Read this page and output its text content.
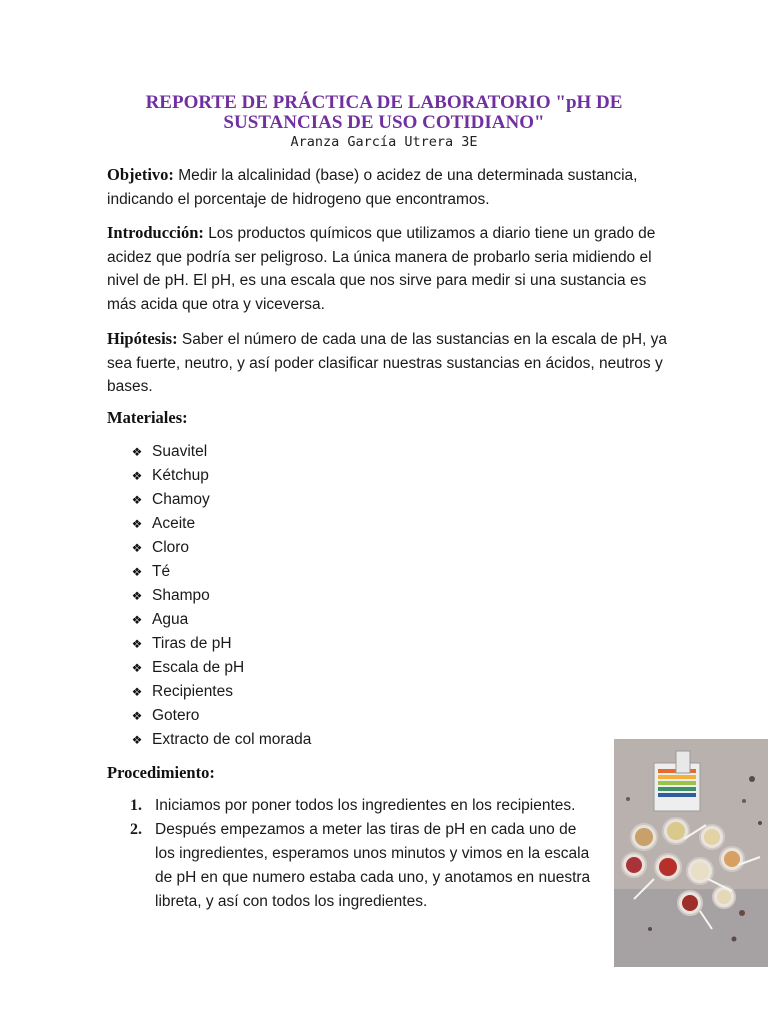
REPORTE DE PRÁCTICA DE LABORATORIO "pH DE
SUSTANCIAS DE USO COTIDIANO"
Aranza García Utrera 3E
Objetivo: Medir la alcalinidad (base) o acidez de una determinada sustancia, indicando el porcentaje de hidrogeno que encontramos.
Introducción: Los productos químicos que utilizamos a diario tiene un grado de acidez que podría ser peligroso. La única manera de probarlo seria midiendo el nivel de pH. El pH, es una escala que nos sirve para medir si una sustancia es más acida que otra y viceversa.
Hipótesis: Saber el número de cada una de las sustancias en la escala de pH, ya sea fuerte, neutro, y así poder clasificar nuestras sustancias en ácidos, neutros y bases.
Materiales:
❖ Suavitel
❖ Kétchup
❖ Chamoy
❖ Aceite
❖ Cloro
❖ Té
❖ Shampo
❖ Agua
❖ Tiras de pH
❖ Escala de pH
❖ Recipientes
❖ Gotero
❖ Extracto de col morada
Procedimiento:
1. Iniciamos por poner todos los ingredientes en los recipientes.
2. Después empezamos a meter las tiras de pH en cada uno de los ingredientes, esperamos unos minutos y vimos en la escala de pH en que numero estaba cada uno, y anotamos en nuestra libreta, y así con todos los ingredientes.
